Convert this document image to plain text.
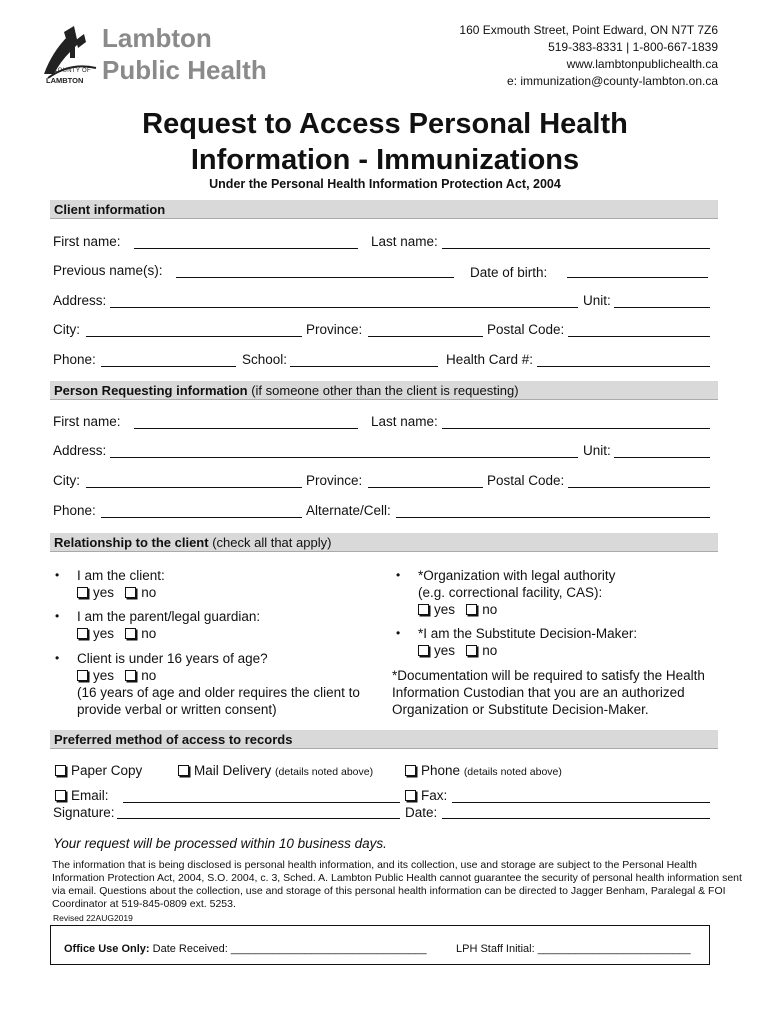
Lambton
Public Health
COUNTY OF
LAMBTON
160 Exmouth Street, Point Edward, ON N7T 7Z6
519-383-8331 | 1-800-667-1839
www.lambtonpublichealth.ca
e: immunization@county-lambton.on.ca
Request to Access Personal Health
Information - Immunizations
Under the Personal Health Information Protection Act, 2004
Client information
First name:	Last name:
Previous name(s):	Date of birth:
Address:	Unit:
City:	Province:	Postal Code:
Phone:	School:	Health Card #:
Person Requesting information (if someone other than the client is requesting)
First name:	Last name:
Address:	Unit:
City:	Province:	Postal Code:
Phone:	Alternate/Cell:
Relationship to the client (check all that apply)
• I am the client:
yes no
• I am the parent/legal guardian:
yes no
• Client is under 16 years of age?
yes no
(16 years of age and older requires the client to
provide verbal or written consent)
• *Organization with legal authority
(e.g. correctional facility, CAS):
yes no
• *I am the Substitute Decision-Maker:
yes no
*Documentation will be required to satisfy the Health
Information Custodian that you are an authorized
Organization or Substitute Decision-Maker.
Preferred method of access to records
Paper Copy	Mail Delivery (details noted above)	Phone (details noted above)
Email:	Fax:
Signature:	Date:
Your request will be processed within 10 business days.
The information that is being disclosed is personal health information, and its collection, use and storage are subject to the Personal Health
Information Protection Act, 2004, S.O. 2004, c. 3, Sched. A. Lambton Public Health cannot guarantee the security of personal health information sent
via email. Questions about the collection, use and storage of this personal health information can be directed to Jagger Benham, Paralegal & FOI
Coordinator at 519-845-0809 ext. 5253.
Revised 22AUG2019
Office Use Only: Date Received: ________________________________	LPH Staff Initial: _________________________
